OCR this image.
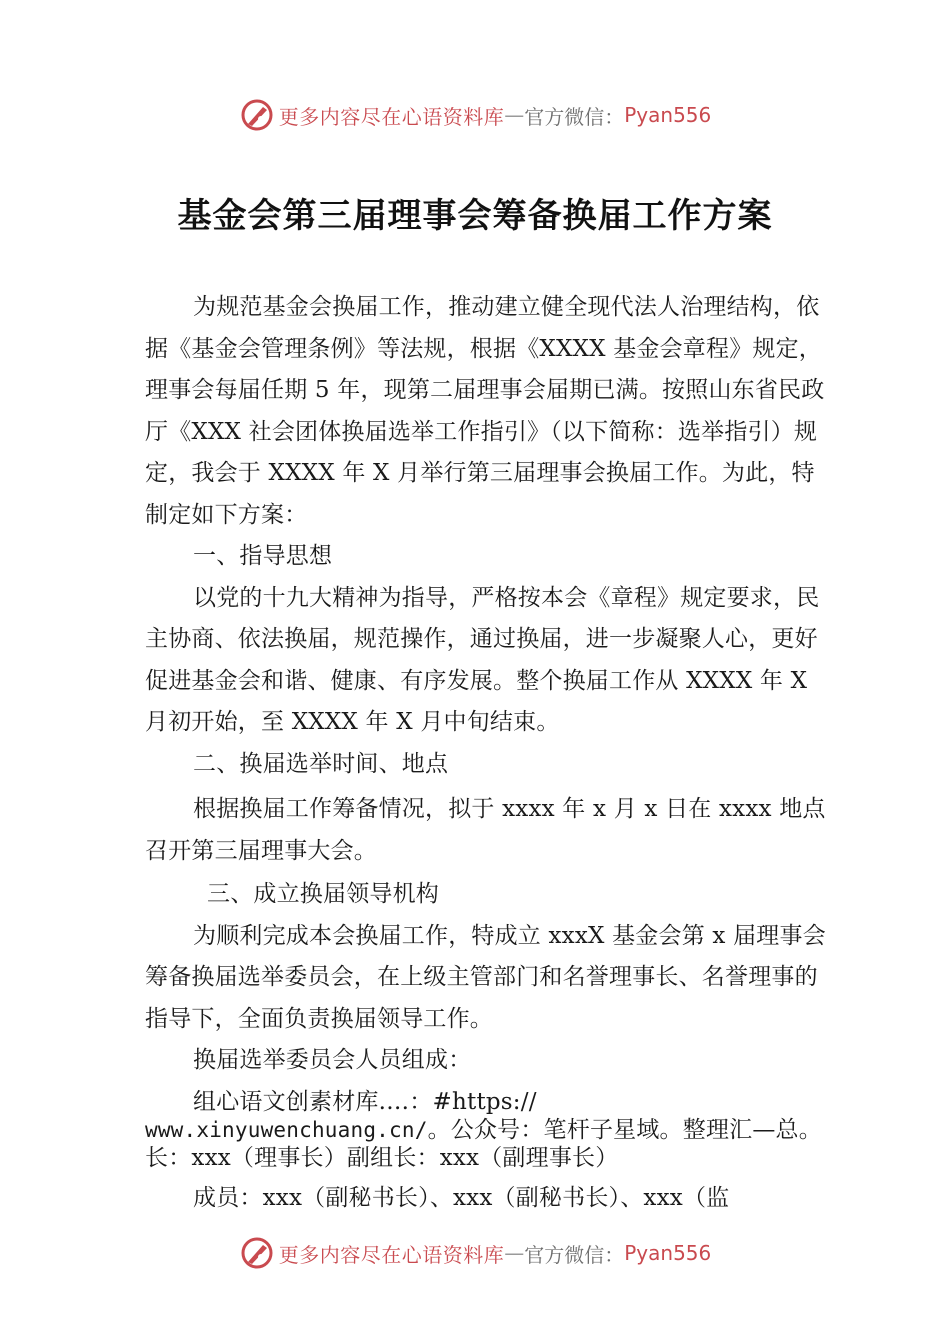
更多内容尽在心语资料库 — 官方微信： Pyan556
基金会第三届理事会筹备换届工作方案

为规范基金会换届工作，推动建立健全现代法人治理结构，依据《基金会管理条例》等法规，根据《XXXX 基金会章程》规定，理事会每届任期 5 年，现第二届理事会届期已满。按照山东省民政厅《XXX 社会团体换届选举工作指引》（以下简称：选举指引）规定，我会于 XXXX 年 X 月举行第三届理事会换届工作。为此，特制定如下方案：

一、指导思想

以党的十九大精神为指导，严格按本会《章程》规定要求，民主协商、依法换届，规范操作，通过换届，进一步凝聚人心，更好促进基金会和谐、健康、有序发展。整个换届工作从 XXXX 年 X 月初开始，至 XXXX 年 X 月中旬结束。

二、换届选举时间、地点

根据换届工作筹备情况，拟于 xxxx 年 x 月 x 日在 xxxx 地点召开第三届理事大会。

三、成立换届领导机构

为顺利完成本会换届工作，特成立 xxxX 基金会第 x 届理事会筹备换届选举委员会，在上级主管部门和名誉理事长、名誉理事的指导下，全面负责换届领导工作。

换届选举委员会人员组成：

组心语文创素材库.…：#https://
www.xinyuwenchuang.cn/。公众号：笔杆子星域。整理汇—总。长：xxx（理事长）副组长：xxx（副理事长）

成员：xxx（副秘书长）、xxx（副秘书长）、xxx（监

更多内容尽在心语资料库 — 官方微信： Pyan556
